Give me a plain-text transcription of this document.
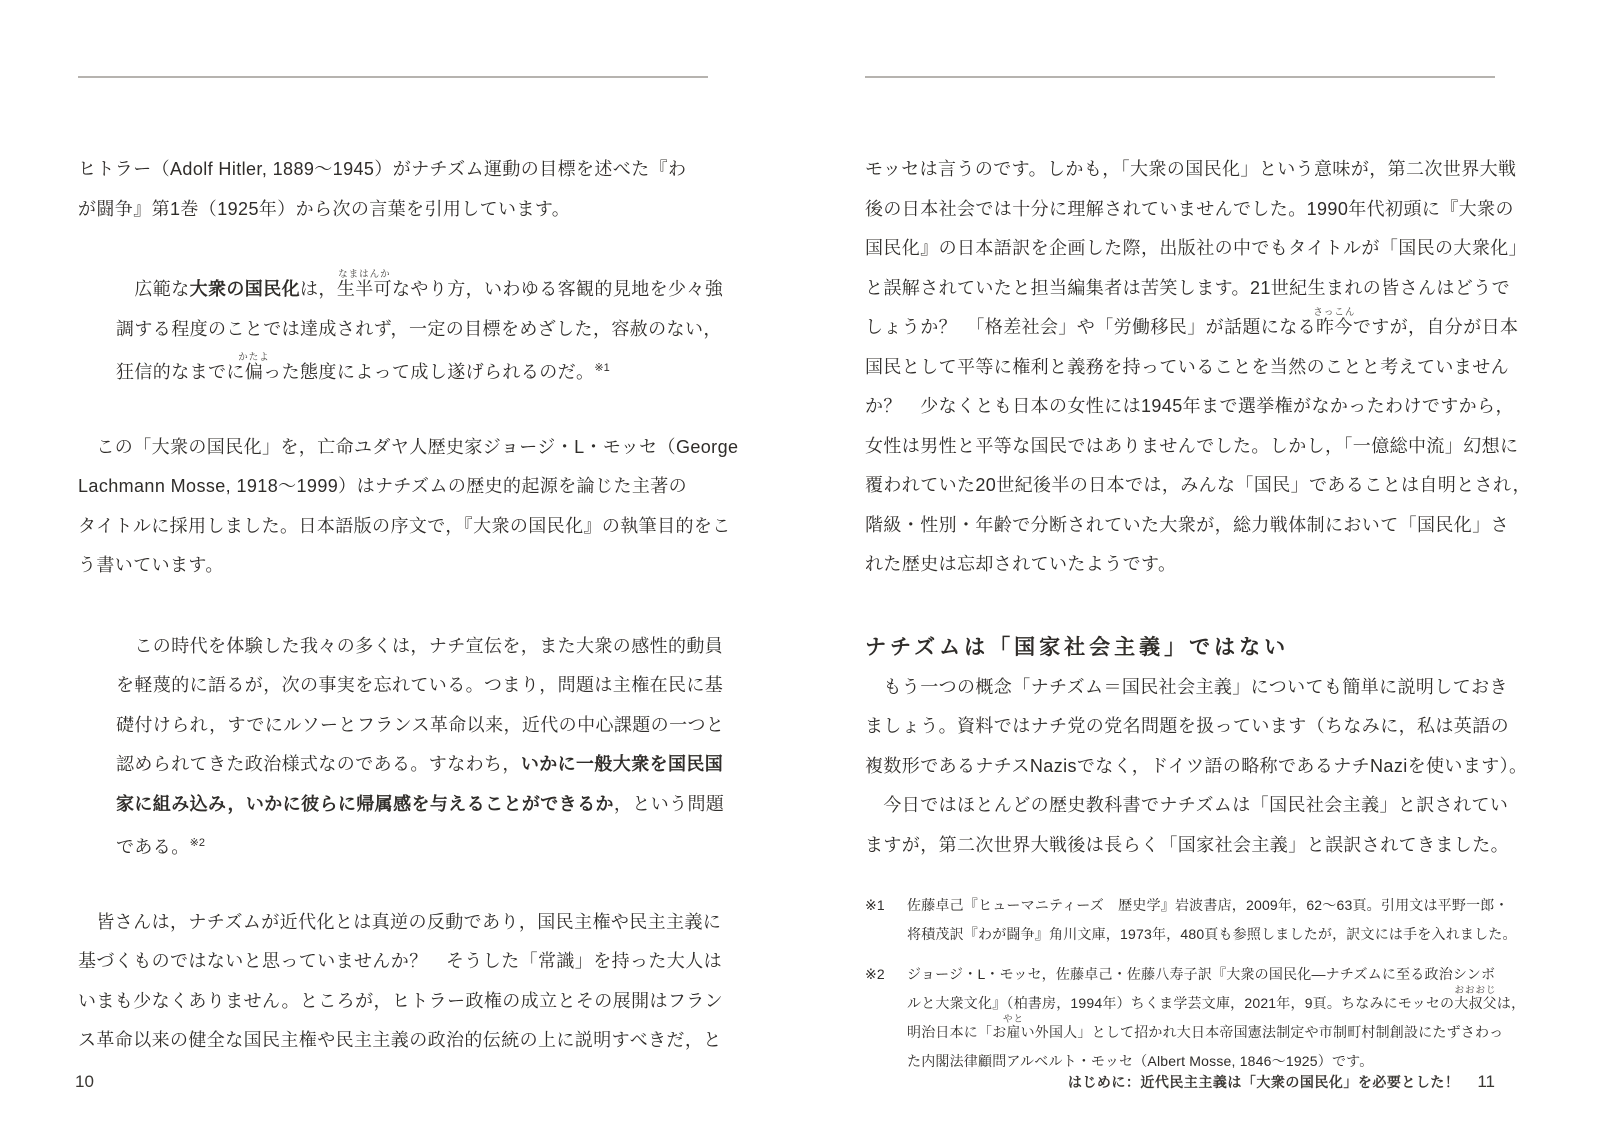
ヒトラー（Adolf Hitler, 1889〜1945）がナチズム運動の目標を述べた『わ
が闘争』第1巻（1925年）から次の言葉を引用しています。
　広範な大衆の国民化は，生半可
なまはんか
なやり方，いわゆる客観的見地を少々強
調する程度のことでは達成されず，一定の目標をめざした，容赦のない，
狂信的なまでに偏
かたよ
った態度によって成し遂げられるのだ。$^{※1}$
　この「大衆の国民化」を，亡命ユダヤ人歴史家ジョージ・L・モッセ（George
Lachmann Mosse, 1918〜1999）はナチズムの歴史的起源を論じた主著の
タイトルに採用しました。日本語版の序文で，『大衆の国民化』の執筆目的をこ
う書いています。
　この時代を体験した我々の多くは，ナチ宣伝を，また大衆の感性的動員
を軽蔑的に語るが，次の事実を忘れている。つまり，問題は主権在民に基
礎付けられ，すでにルソーとフランス革命以来，近代の中心課題の一つと
認められてきた政治様式なのである。すなわち，いかに一般大衆を国民国
家に組み込み，いかに彼らに帰属感を与えることができるか，という問題
である。$^{※2}$
　皆さんは，ナチズムが近代化とは真逆の反動であり，国民主権や民主主義に
基づくものではないと思っていませんか？　そうした「常識」を持った大人は
いまも少なくありません。ところが，ヒトラー政権の成立とその展開はフラン
ス革命以来の健全な国民主権や民主主義の政治的伝統の上に説明すべきだ，と
モッセは言うのです。しかも，「大衆の国民化」という意味が，第二次世界大戦
後の日本社会では十分に理解されていませんでした。1990年代初頭に『大衆の
国民化』の日本語訳を企画した際，出版社の中でもタイトルが「国民の大衆化」
と誤解されていたと担当編集者は苦笑します。21世紀生まれの皆さんはどうで
しょうか？　「格差社会」や「労働移民」が話題になる昨今
さっこん
ですが，自分が日本
国民として平等に権利と義務を持っていることを当然のことと考えていません
か？　少なくとも日本の女性には1945年まで選挙権がなかったわけですから，
女性は男性と平等な国民ではありませんでした。しかし，「一億総中流」幻想に
覆われていた20世紀後半の日本では，みんな「国民」であることは自明とされ，
階級・性別・年齢で分断されていた大衆が，総力戦体制において「国民化」さ
れた歴史は忘却されていたようです。
ナチズムは「国家社会主義」ではない
　もう一つの概念「ナチズム＝国民社会主義」についても簡単に説明しておき
ましょう。資料ではナチ党の党名問題を扱っています（ちなみに，私は英語の
複数形であるナチスNazisでなく，ドイツ語の略称であるナチNaziを使います）。
　今日ではほとんどの歴史教科書でナチズムは「国民社会主義」と訳されてい
ますが，第二次世界大戦後は長らく「国家社会主義」と誤訳されてきました。
※1 佐藤卓己『ヒューマニティーズ　歴史学』岩波書店，2009年，62〜63頁。引用文は平野一郎・
将積茂訳『わが闘争』角川文庫，1973年，480頁も参照しましたが，訳文には手を入れました。
※2 ジョージ・L・モッセ，佐藤卓己・佐藤八寿子訳『大衆の国民化―ナチズムに至る政治シンボ
ルと大衆文化』（柏書房，1994年）ちくま学芸文庫，2021年，9頁。ちなみにモッセの大叔父
おおおじ
は，
明治日本に「お雇
やと
い外国人」として招かれ大日本帝国憲法制定や市制町村制創設にたずさわっ
た内閣法律顧問アルベルト・モッセ（Albert Mosse, 1846〜1925）です。
10	はじめに：近代民主主義は「大衆の国民化」を必要とした！ 11
